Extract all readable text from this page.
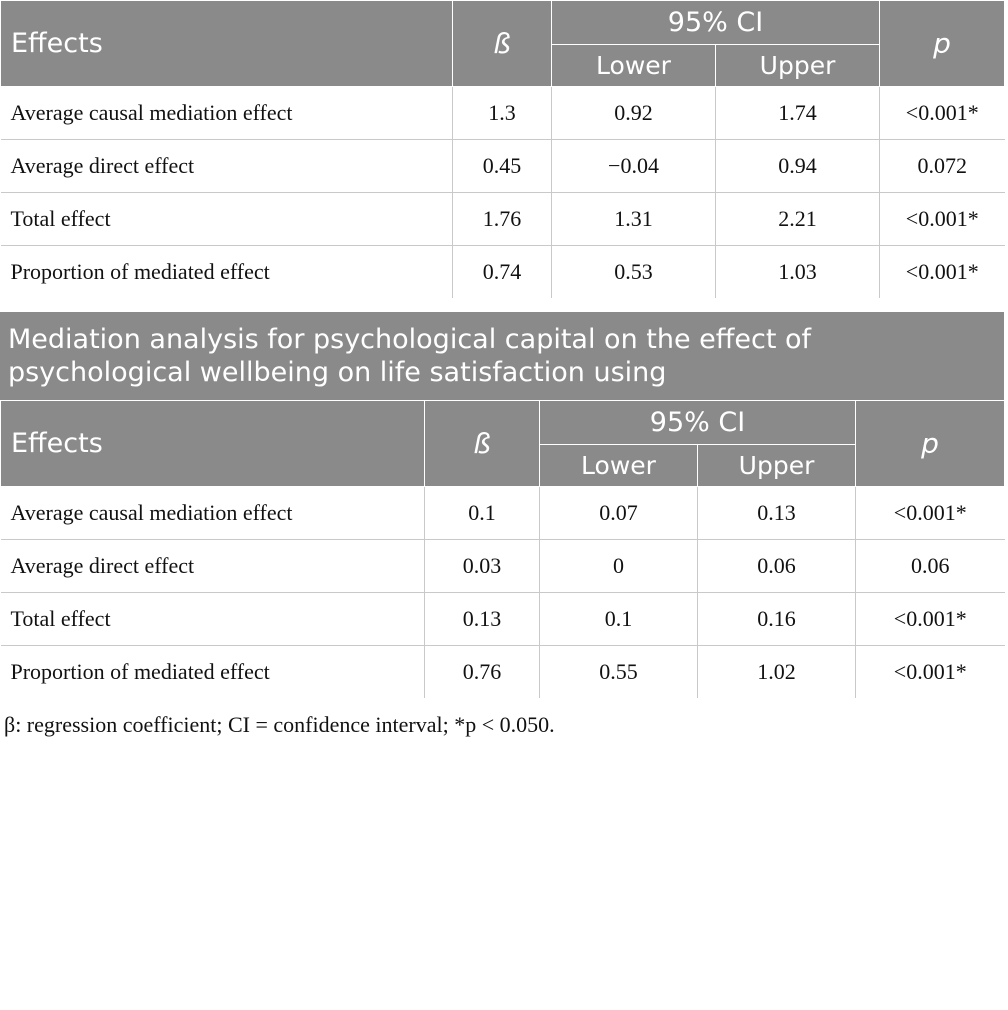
Effects	ß	95% CI		p
		Lower	Upper	
Average causal mediation effect	1.3	0.92	1.74	<0.001*
Average direct effect	0.45	−0.04	0.94	0.072
Total effect	1.76	1.31	2.21	<0.001*
Proportion of mediated effect	0.74	0.53	1.03	<0.001*
Mediation analysis for psychological capital on the effect of psychological wellbeing on life satisfaction using
Effects	ß	95% CI		p
		Lower	Upper	
Average causal mediation effect	0.1	0.07	0.13	<0.001*
Average direct effect	0.03	0	0.06	0.06
Total effect	0.13	0.1	0.16	<0.001*
Proportion of mediated effect	0.76	0.55	1.02	<0.001*
β: regression coefficient; CI = confidence interval; *p < 0.050.
